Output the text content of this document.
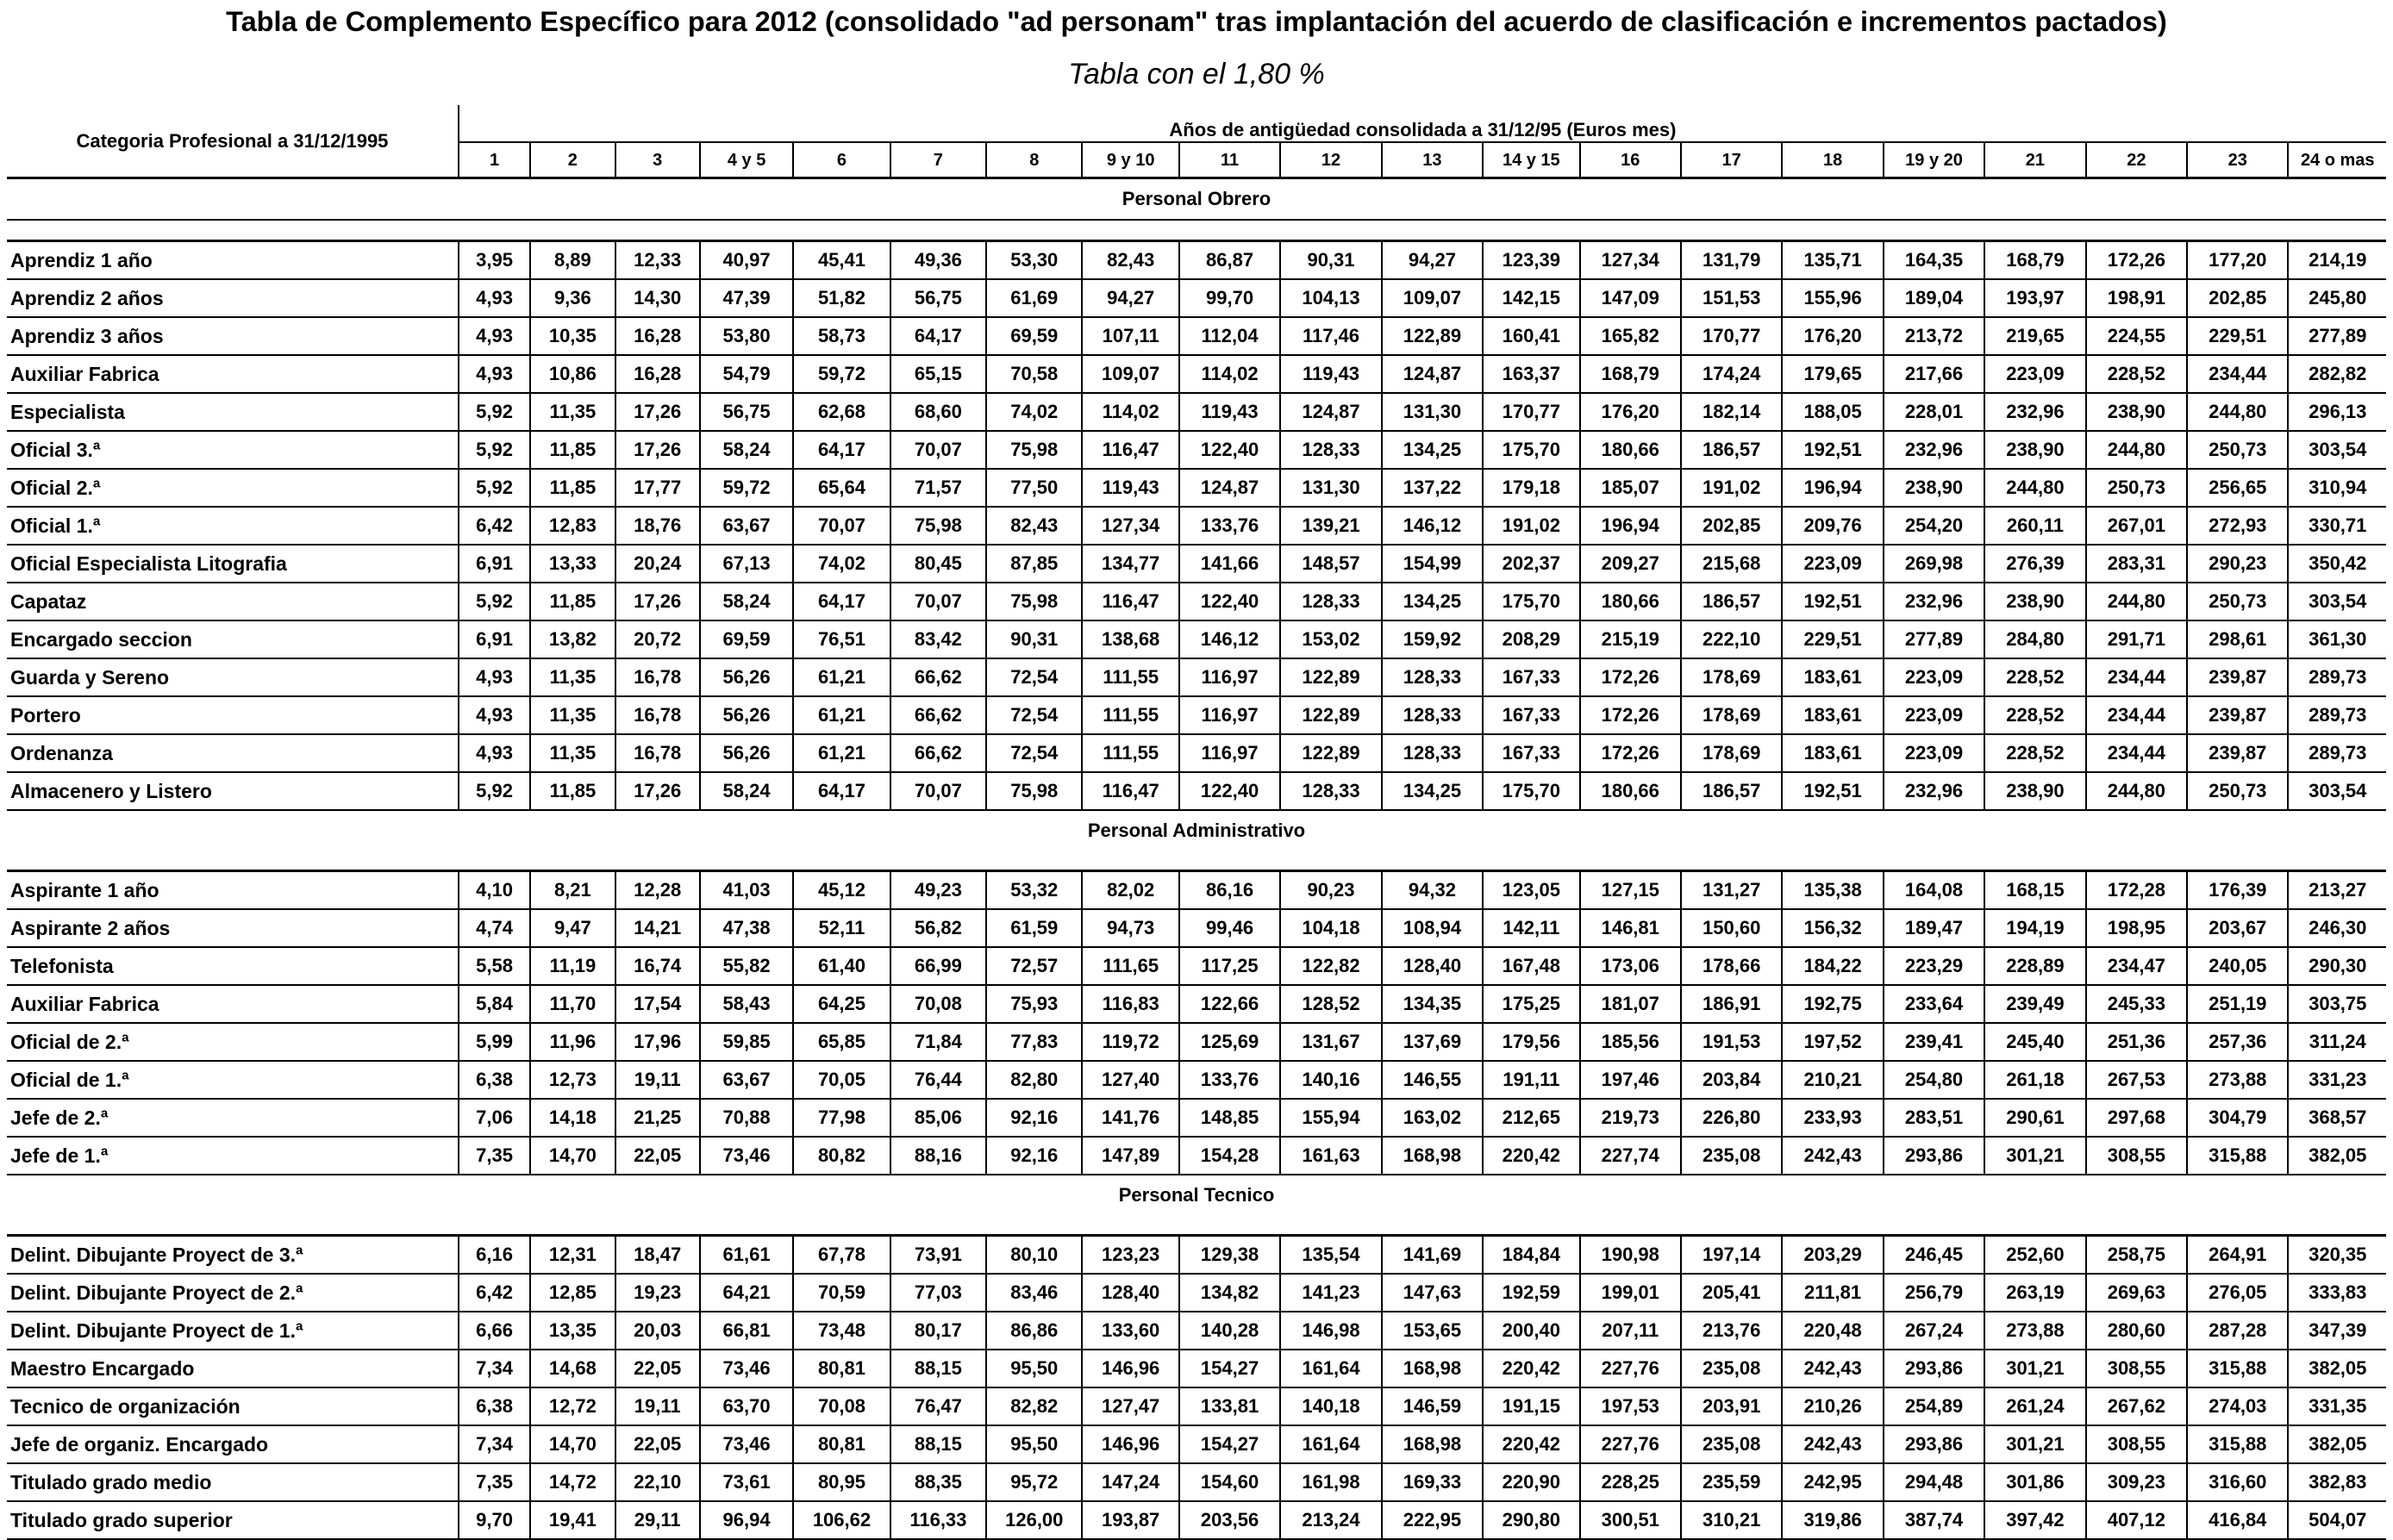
Tabla de Complemento Específico para 2012 (consolidado "ad personam" tras implantación del acuerdo de clasificación e incrementos pactados)
Tabla con el 1,80 %
Categoria Profesional a 31/12/1995	Años de antigüedad consolidada a 31/12/95 (Euros mes)																			
	1	2	3	4 y 5	6	7	8	9 y 10	11	12	13	14 y 15	16	17	18	19 y 20	21	22	23	24 o mas
Personal Obrero																				

Aprendiz 1 año	3,95	8,89	12,33	40,97	45,41	49,36	53,30	82,43	86,87	90,31	94,27	123,39	127,34	131,79	135,71	164,35	168,79	172,26	177,20	214,19
Aprendiz 2 años	4,93	9,36	14,30	47,39	51,82	56,75	61,69	94,27	99,70	104,13	109,07	142,15	147,09	151,53	155,96	189,04	193,97	198,91	202,85	245,80
Aprendiz 3 años	4,93	10,35	16,28	53,80	58,73	64,17	69,59	107,11	112,04	117,46	122,89	160,41	165,82	170,77	176,20	213,72	219,65	224,55	229,51	277,89
Auxiliar Fabrica	4,93	10,86	16,28	54,79	59,72	65,15	70,58	109,07	114,02	119,43	124,87	163,37	168,79	174,24	179,65	217,66	223,09	228,52	234,44	282,82
Especialista	5,92	11,35	17,26	56,75	62,68	68,60	74,02	114,02	119,43	124,87	131,30	170,77	176,20	182,14	188,05	228,01	232,96	238,90	244,80	296,13
Oficial 3.ª	5,92	11,85	17,26	58,24	64,17	70,07	75,98	116,47	122,40	128,33	134,25	175,70	180,66	186,57	192,51	232,96	238,90	244,80	250,73	303,54
Oficial 2.ª	5,92	11,85	17,77	59,72	65,64	71,57	77,50	119,43	124,87	131,30	137,22	179,18	185,07	191,02	196,94	238,90	244,80	250,73	256,65	310,94
Oficial 1.ª	6,42	12,83	18,76	63,67	70,07	75,98	82,43	127,34	133,76	139,21	146,12	191,02	196,94	202,85	209,76	254,20	260,11	267,01	272,93	330,71
Oficial Especialista Litografia	6,91	13,33	20,24	67,13	74,02	80,45	87,85	134,77	141,66	148,57	154,99	202,37	209,27	215,68	223,09	269,98	276,39	283,31	290,23	350,42
Capataz	5,92	11,85	17,26	58,24	64,17	70,07	75,98	116,47	122,40	128,33	134,25	175,70	180,66	186,57	192,51	232,96	238,90	244,80	250,73	303,54
Encargado seccion	6,91	13,82	20,72	69,59	76,51	83,42	90,31	138,68	146,12	153,02	159,92	208,29	215,19	222,10	229,51	277,89	284,80	291,71	298,61	361,30
Guarda y Sereno	4,93	11,35	16,78	56,26	61,21	66,62	72,54	111,55	116,97	122,89	128,33	167,33	172,26	178,69	183,61	223,09	228,52	234,44	239,87	289,73
Portero	4,93	11,35	16,78	56,26	61,21	66,62	72,54	111,55	116,97	122,89	128,33	167,33	172,26	178,69	183,61	223,09	228,52	234,44	239,87	289,73
Ordenanza	4,93	11,35	16,78	56,26	61,21	66,62	72,54	111,55	116,97	122,89	128,33	167,33	172,26	178,69	183,61	223,09	228,52	234,44	239,87	289,73
Almacenero y Listero	5,92	11,85	17,26	58,24	64,17	70,07	75,98	116,47	122,40	128,33	134,25	175,70	180,66	186,57	192,51	232,96	238,90	244,80	250,73	303,54
Personal Administrativo																				

Aspirante 1 año	4,10	8,21	12,28	41,03	45,12	49,23	53,32	82,02	86,16	90,23	94,32	123,05	127,15	131,27	135,38	164,08	168,15	172,28	176,39	213,27
Aspirante 2 años	4,74	9,47	14,21	47,38	52,11	56,82	61,59	94,73	99,46	104,18	108,94	142,11	146,81	150,60	156,32	189,47	194,19	198,95	203,67	246,30
Telefonista	5,58	11,19	16,74	55,82	61,40	66,99	72,57	111,65	117,25	122,82	128,40	167,48	173,06	178,66	184,22	223,29	228,89	234,47	240,05	290,30
Auxiliar Fabrica	5,84	11,70	17,54	58,43	64,25	70,08	75,93	116,83	122,66	128,52	134,35	175,25	181,07	186,91	192,75	233,64	239,49	245,33	251,19	303,75
Oficial de 2.ª	5,99	11,96	17,96	59,85	65,85	71,84	77,83	119,72	125,69	131,67	137,69	179,56	185,56	191,53	197,52	239,41	245,40	251,36	257,36	311,24
Oficial de 1.ª	6,38	12,73	19,11	63,67	70,05	76,44	82,80	127,40	133,76	140,16	146,55	191,11	197,46	203,84	210,21	254,80	261,18	267,53	273,88	331,23
Jefe de 2.ª	7,06	14,18	21,25	70,88	77,98	85,06	92,16	141,76	148,85	155,94	163,02	212,65	219,73	226,80	233,93	283,51	290,61	297,68	304,79	368,57
Jefe de 1.ª	7,35	14,70	22,05	73,46	80,82	88,16	92,16	147,89	154,28	161,63	168,98	220,42	227,74	235,08	242,43	293,86	301,21	308,55	315,88	382,05
Personal Tecnico																				

Delint. Dibujante Proyect de 3.ª	6,16	12,31	18,47	61,61	67,78	73,91	80,10	123,23	129,38	135,54	141,69	184,84	190,98	197,14	203,29	246,45	252,60	258,75	264,91	320,35
Delint. Dibujante Proyect de 2.ª	6,42	12,85	19,23	64,21	70,59	77,03	83,46	128,40	134,82	141,23	147,63	192,59	199,01	205,41	211,81	256,79	263,19	269,63	276,05	333,83
Delint. Dibujante Proyect de 1.ª	6,66	13,35	20,03	66,81	73,48	80,17	86,86	133,60	140,28	146,98	153,65	200,40	207,11	213,76	220,48	267,24	273,88	280,60	287,28	347,39
Maestro Encargado	7,34	14,68	22,05	73,46	80,81	88,15	95,50	146,96	154,27	161,64	168,98	220,42	227,76	235,08	242,43	293,86	301,21	308,55	315,88	382,05
Tecnico de organización	6,38	12,72	19,11	63,70	70,08	76,47	82,82	127,47	133,81	140,18	146,59	191,15	197,53	203,91	210,26	254,89	261,24	267,62	274,03	331,35
Jefe de organiz. Encargado	7,34	14,70	22,05	73,46	80,81	88,15	95,50	146,96	154,27	161,64	168,98	220,42	227,76	235,08	242,43	293,86	301,21	308,55	315,88	382,05
Titulado grado medio	7,35	14,72	22,10	73,61	80,95	88,35	95,72	147,24	154,60	161,98	169,33	220,90	228,25	235,59	242,95	294,48	301,86	309,23	316,60	382,83
Titulado grado superior	9,70	19,41	29,11	96,94	106,62	116,33	126,00	193,87	203,56	213,24	222,95	290,80	300,51	310,21	319,86	387,74	397,42	407,12	416,84	504,07
